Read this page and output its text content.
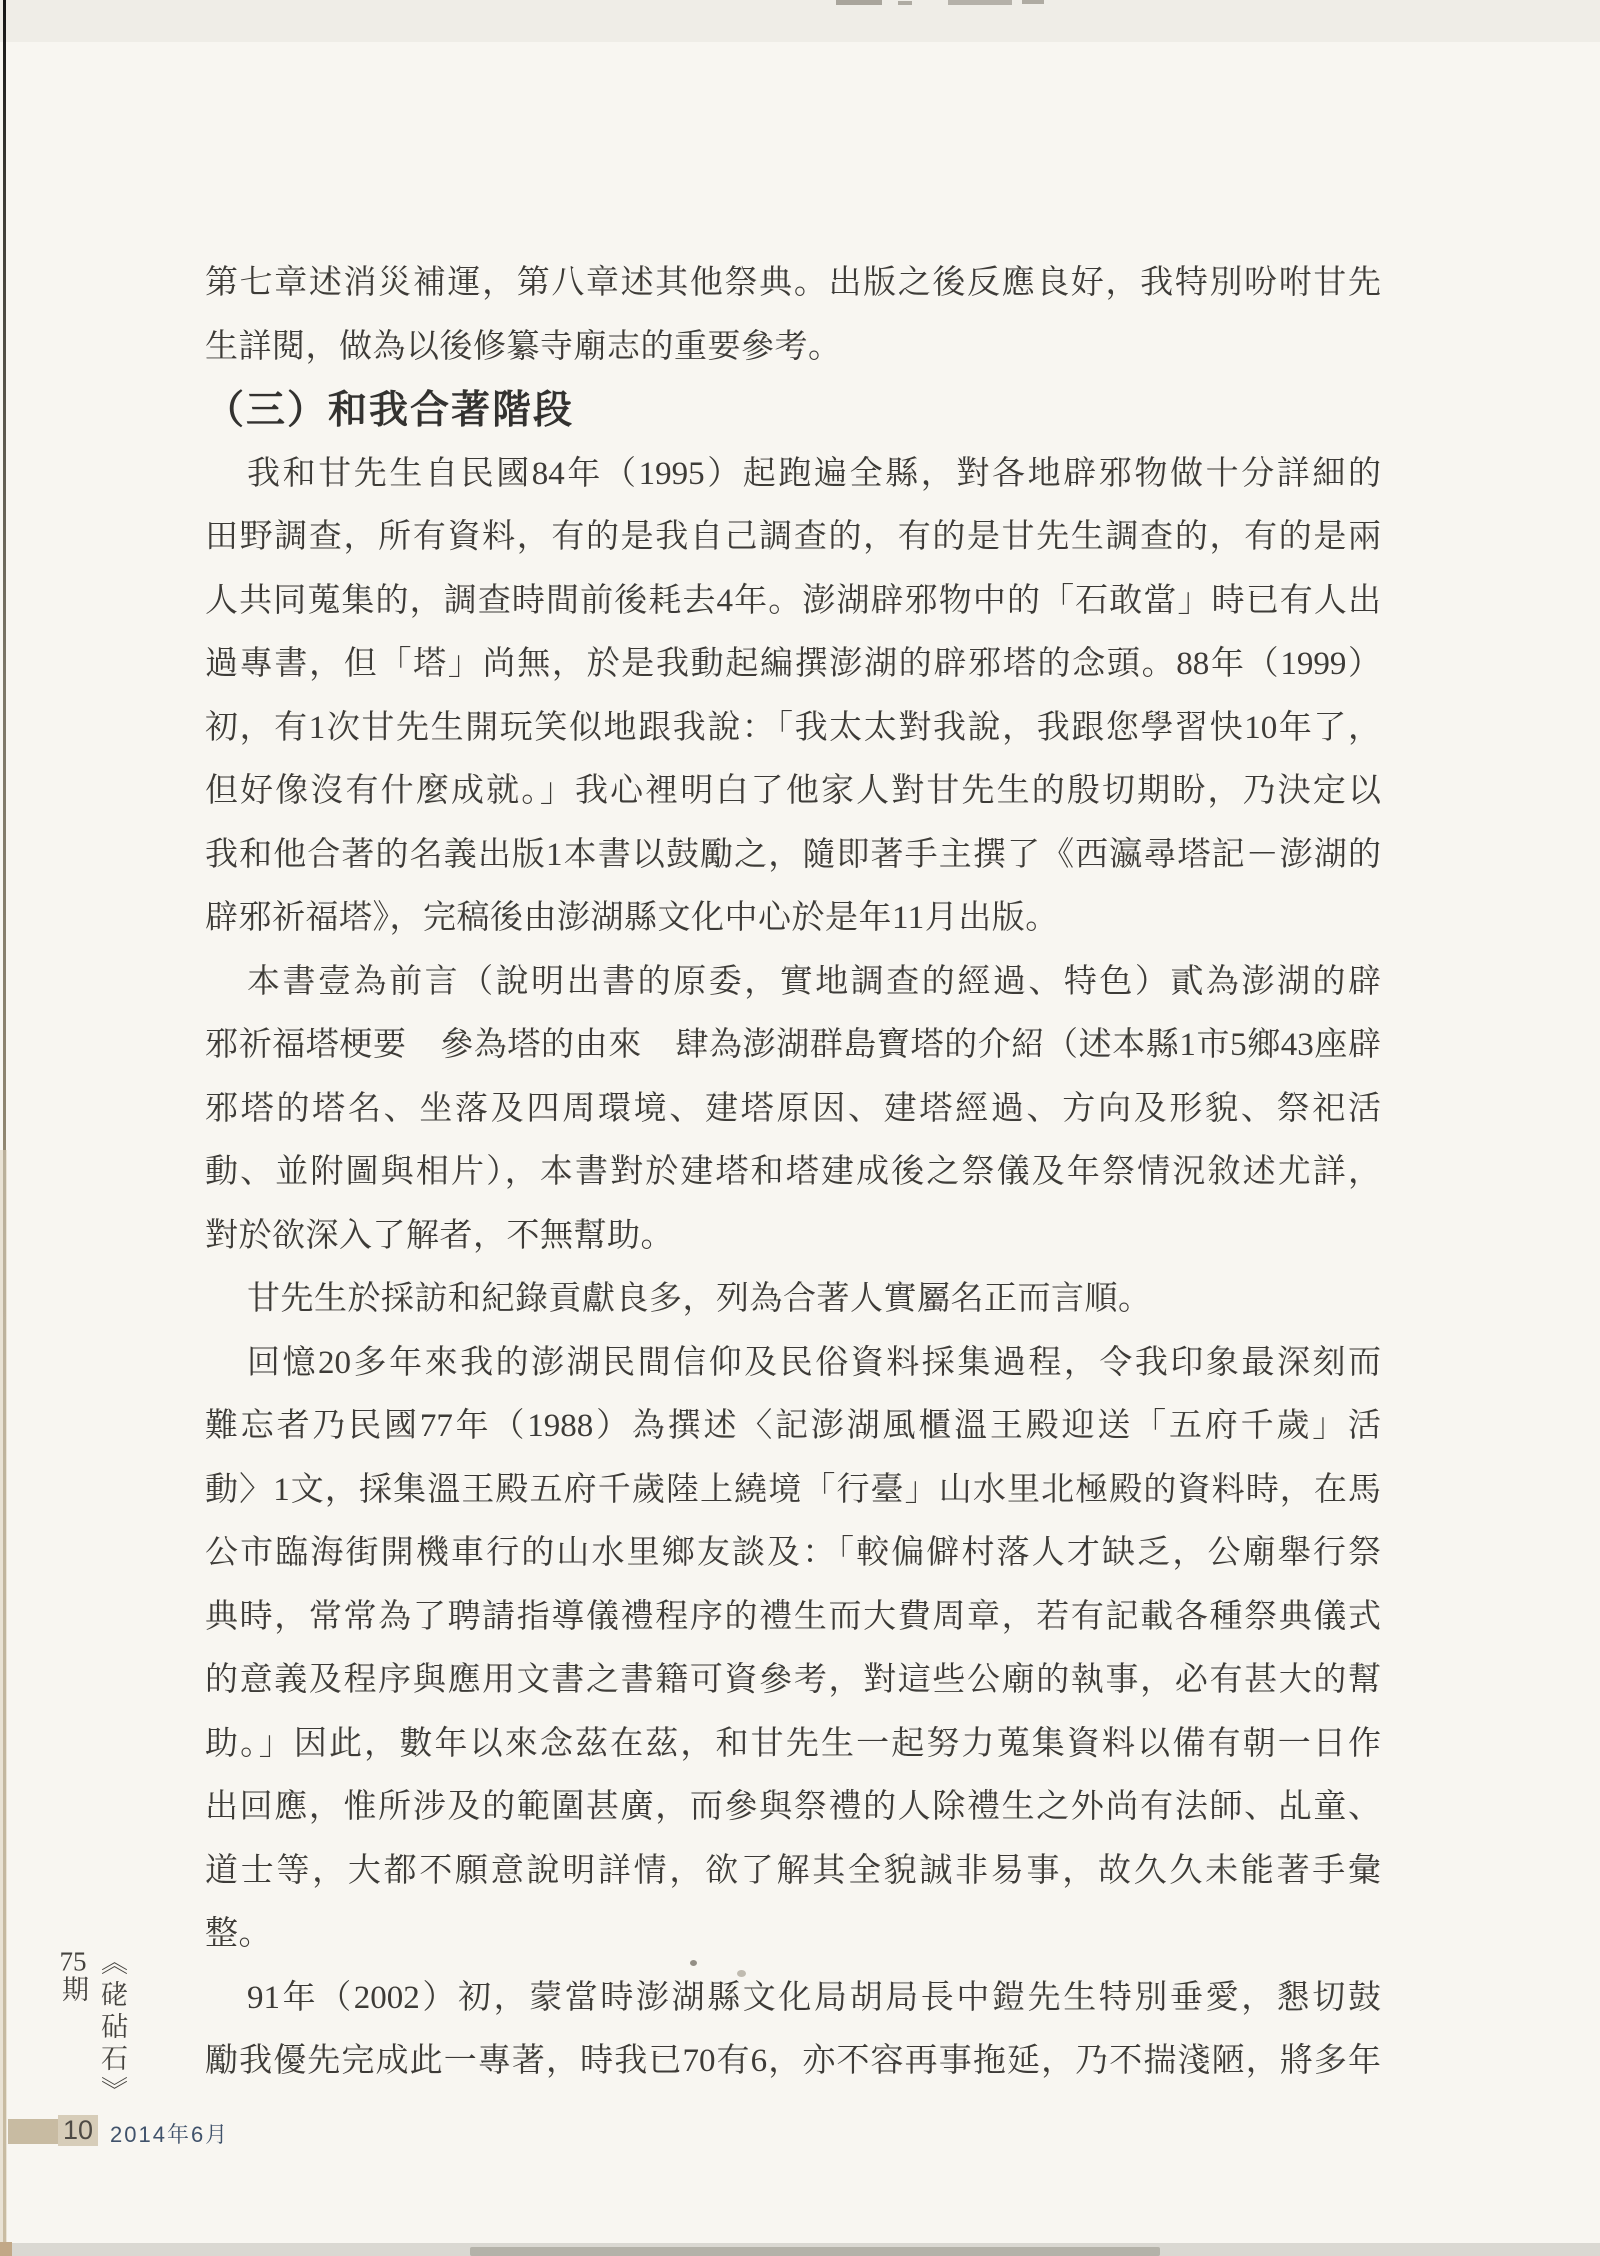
第七章述消災補運，第八章述其他祭典。出版之後反應良好，我特別吩咐甘先
生詳閱，做為以後修纂寺廟志的重要參考。
（三）和我合著階段
我和甘先生自民國84年（1995）起跑遍全縣，對各地辟邪物做十分詳細的
田野調查，所有資料，有的是我自己調查的，有的是甘先生調查的，有的是兩
人共同蒐集的，調查時間前後耗去4年。澎湖辟邪物中的「石敢當」時已有人出
過專書，但「塔」尚無，於是我動起編撰澎湖的辟邪塔的念頭。88年（1999）
初，有1次甘先生開玩笑似地跟我說：「我太太對我說，我跟您學習快10年了，
但好像沒有什麼成就。」我心裡明白了他家人對甘先生的殷切期盼，乃決定以
我和他合著的名義出版1本書以鼓勵之，隨即著手主撰了《西瀛尋塔記－澎湖的
辟邪祈福塔》，完稿後由澎湖縣文化中心於是年11月出版。
本書壹為前言（說明出書的原委，實地調查的經過、特色）貳為澎湖的辟
邪祈福塔梗要　參為塔的由來　肆為澎湖群島寶塔的介紹（述本縣1市5鄉43座辟
邪塔的塔名、坐落及四周環境、建塔原因、建塔經過、方向及形貌、祭祀活
動、並附圖與相片），本書對於建塔和塔建成後之祭儀及年祭情況敘述尤詳，
對於欲深入了解者，不無幫助。
甘先生於採訪和紀錄貢獻良多，列為合著人實屬名正而言順。
回憶20多年來我的澎湖民間信仰及民俗資料採集過程，令我印象最深刻而
難忘者乃民國77年（1988）為撰述〈記澎湖風櫃溫王殿迎送「五府千歲」活
動〉1文，採集溫王殿五府千歲陸上繞境「行臺」山水里北極殿的資料時，在馬
公市臨海街開機車行的山水里鄉友談及：「較偏僻村落人才缺乏，公廟舉行祭
典時，常常為了聘請指導儀禮程序的禮生而大費周章，若有記載各種祭典儀式
的意義及程序與應用文書之書籍可資參考，對這些公廟的執事，必有甚大的幫
助。」因此，數年以來念茲在茲，和甘先生一起努力蒐集資料以備有朝一日作
出回應，惟所涉及的範圍甚廣，而參與祭禮的人除禮生之外尚有法師、乩童、
道士等，大都不願意說明詳情，欲了解其全貌誠非易事，故久久未能著手彙
整。
91年（2002）初，蒙當時澎湖縣文化局胡局長中鎧先生特別垂愛，懇切鼓
勵我優先完成此一專著，時我已70有6，亦不容再事拖延，乃不揣淺陋，將多年
《硓砧石》75期
10 2014年6月
